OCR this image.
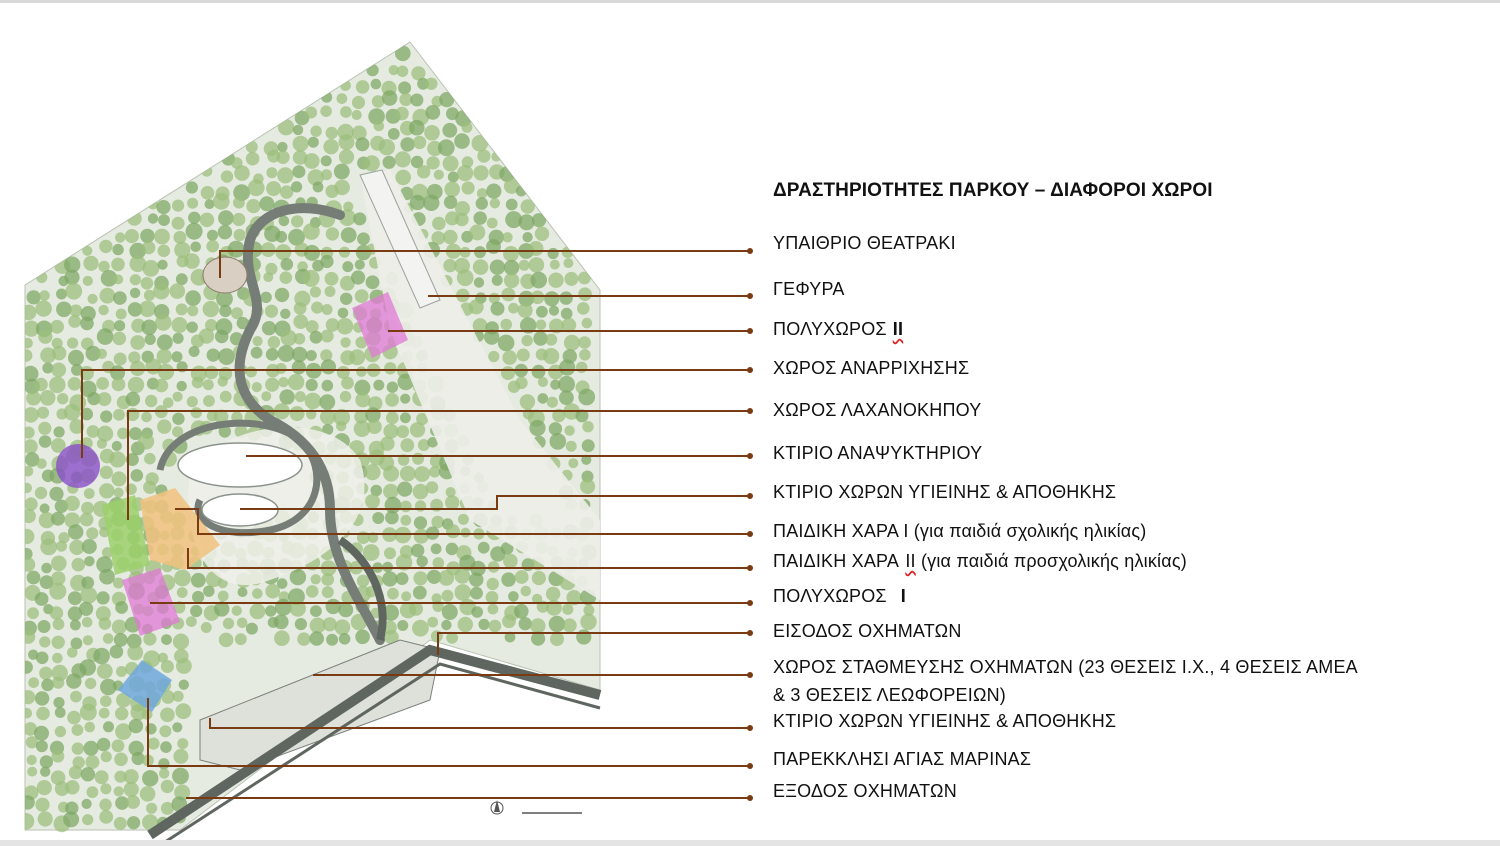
ΔΡΑΣΤΗΡΙΟΤΗΤΕΣ ΠΑΡΚΟΥ – ΔΙΑΦΟΡΟΙ ΧΩΡΟΙ
ΥΠΑΙΘΡΙΟ ΘΕΑΤΡΑΚΙ
ΓΕΦΥΡΑ
ΠΟΛΥΧΩΡΟΣ II
ΧΩΡΟΣ ΑΝΑΡΡΙΧΗΣΗΣ
ΧΩΡΟΣ ΛΑΧΑΝΟΚΗΠΟΥ
ΚΤΙΡΙΟ ΑΝΑΨΥΚΤΗΡΙΟΥ
ΚΤΙΡΙΟ ΧΩΡΩΝ ΥΓΙΕΙΝΗΣ & ΑΠΟΘΗΚΗΣ
ΠΑΙΔΙΚΗ ΧΑΡΑ Ι (για παιδιά σχολικής ηλικίας)
ΠΑΙΔΙΚΗ ΧΑΡΑ II (για παιδιά προσχολικής ηλικίας)
ΠΟΛΥΧΩΡΟΣ I
ΕΙΣΟΔΟΣ ΟΧΗΜΑΤΩΝ
ΧΩΡΟΣ ΣΤΑΘΜΕΥΣΗΣ ΟΧΗΜΑΤΩΝ (23 ΘΕΣΕΙΣ Ι.Χ., 4 ΘΕΣΕΙΣ ΑΜΕΑ
& 3 ΘΕΣΕΙΣ ΛΕΩΦΟΡΕΙΩΝ)
ΚΤΙΡΙΟ ΧΩΡΩΝ ΥΓΙΕΙΝΗΣ & ΑΠΟΘΗΚΗΣ
ΠΑΡΕΚΚΛΗΣΙ ΑΓΙΑΣ ΜΑΡΙΝΑΣ
ΕΞΟΔΟΣ ΟΧΗΜΑΤΩΝ
